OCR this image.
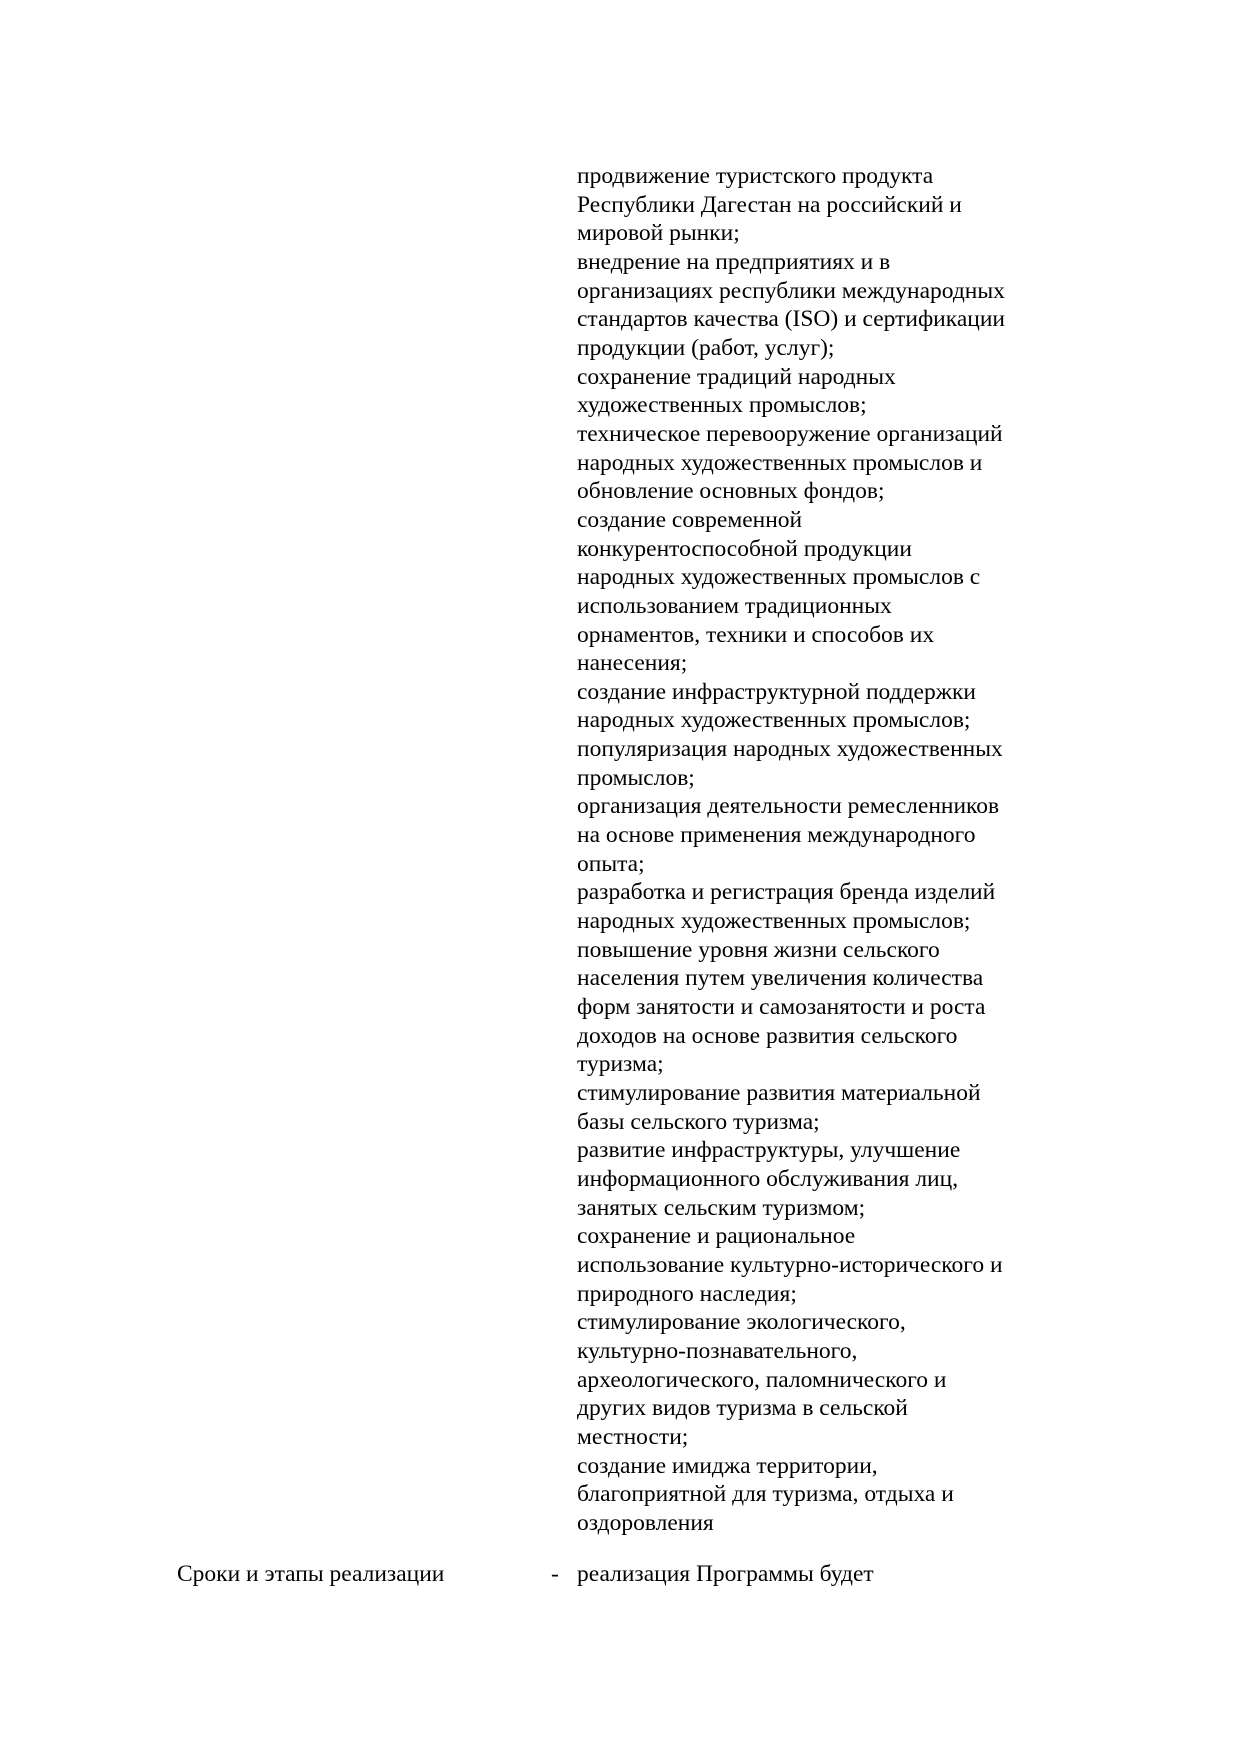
продвижение туристского продукта
Республики Дагестан на российский и
мировой рынки;
внедрение на предприятиях и в
организациях республики международных
стандартов качества (ISO) и сертификации
продукции (работ, услуг);
сохранение традиций народных
художественных промыслов;
техническое перевооружение организаций
народных художественных промыслов и
обновление основных фондов;
создание современной
конкурентоспособной продукции
народных художественных промыслов с
использованием традиционных
орнаментов, техники и способов их
нанесения;
создание инфраструктурной поддержки
народных художественных промыслов;
популяризация народных художественных
промыслов;
организация деятельности ремесленников
на основе применения международного
опыта;
разработка и регистрация бренда изделий
народных художественных промыслов;
повышение уровня жизни сельского
населения путем увеличения количества
форм занятости и самозанятости и роста
доходов на основе развития сельского
туризма;
стимулирование развития материальной
базы сельского туризма;
развитие инфраструктуры, улучшение
информационного обслуживания лиц,
занятых сельским туризмом;
сохранение и рациональное
использование культурно-исторического и
природного наследия;
стимулирование экологического,
культурно-познавательного,
археологического, паломнического и
других видов туризма в сельской
местности;
создание имиджа территории,
благоприятной для туризма, отдыха и
оздоровления
Сроки и этапы реализации	- реализация Программы будет
